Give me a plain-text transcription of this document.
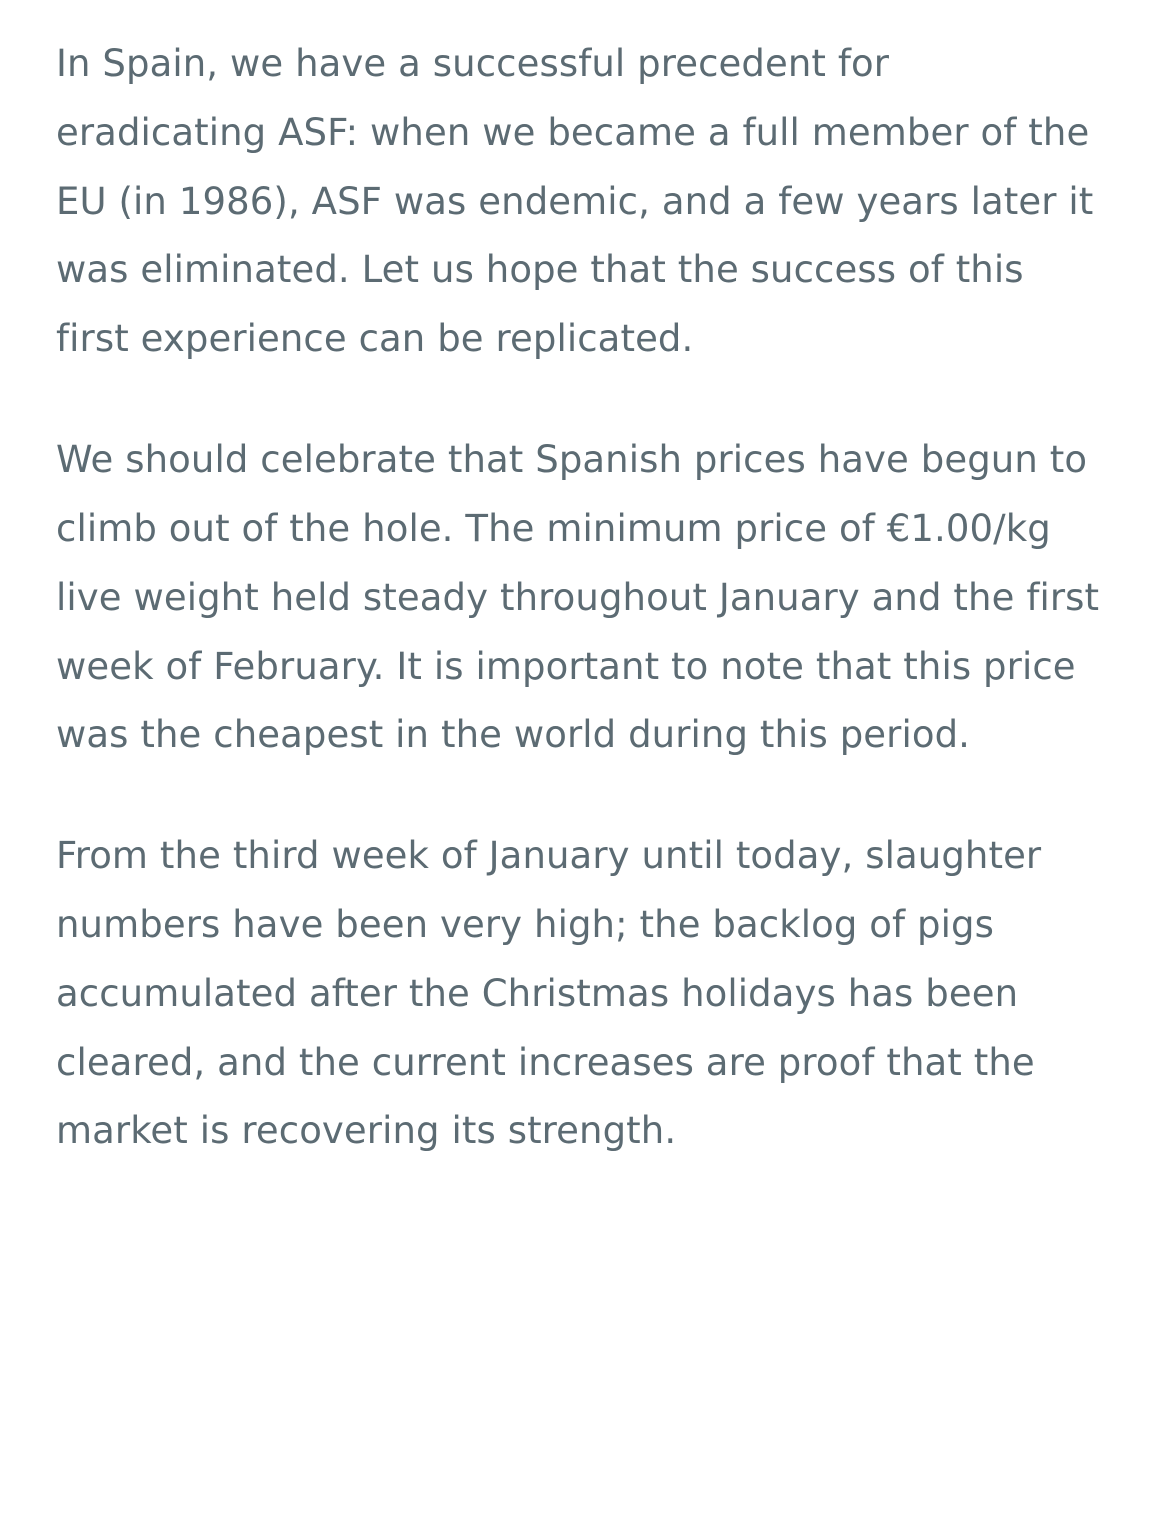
In Spain, we have a successful precedent for eradicating ASF: when we became a full member of the EU (in 1986), ASF was endemic, and a few years later it was eliminated. Let us hope that the success of this first experience can be replicated.

We should celebrate that Spanish prices have begun to climb out of the hole. The minimum price of €1.00/kg live weight held steady throughout January and the first week of February. It is important to note that this price was the cheapest in the world during this period.

From the third week of January until today, slaughter numbers have been very high; the backlog of pigs accumulated after the Christmas holidays has been cleared, and the current increases are proof that the market is recovering its strength.
